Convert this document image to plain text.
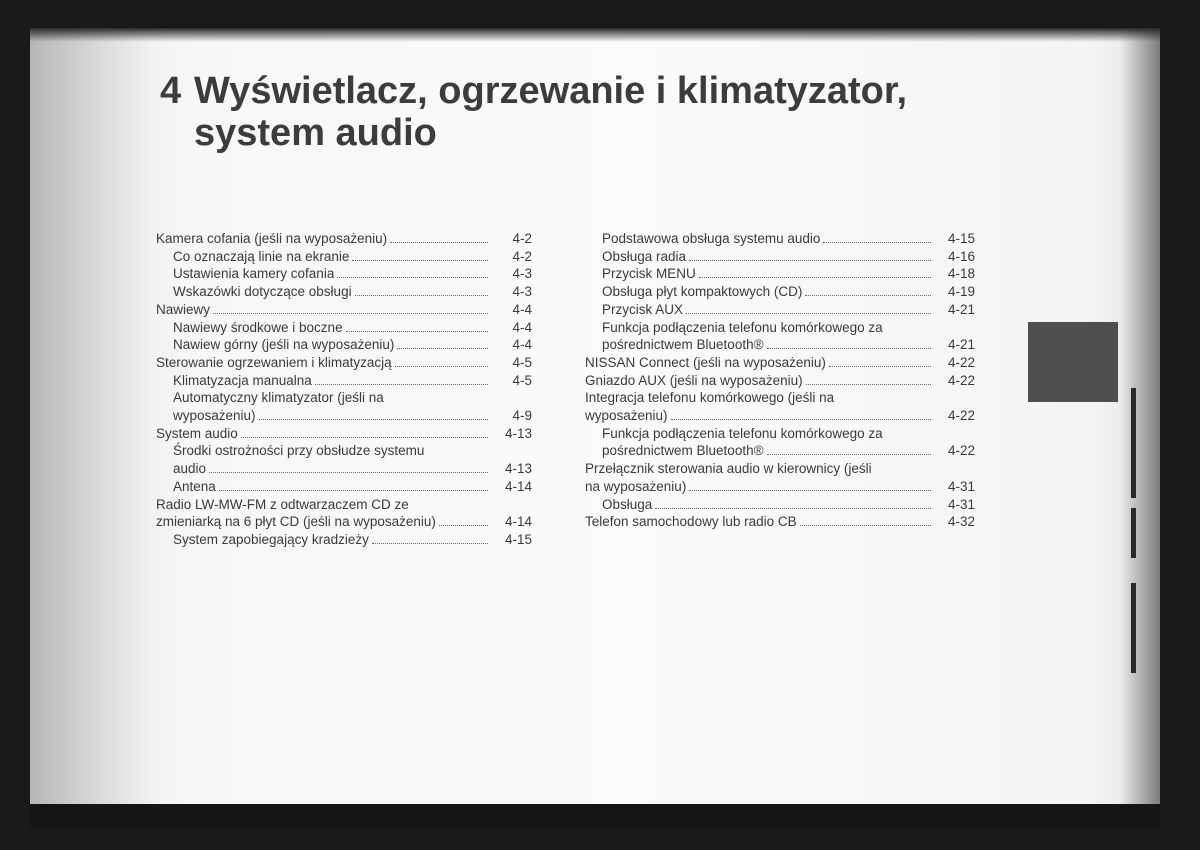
4 Wyświetlacz, ogrzewanie i klimatyzator,
system audio
Kamera cofania (jeśli na wyposażeniu)	4-2
Co oznaczają linie na ekranie	4-2
Ustawienia kamery cofania	4-3
Wskazówki dotyczące obsługi	4-3
Nawiewy	4-4
Nawiewy środkowe i boczne	4-4
Nawiew górny (jeśli na wyposażeniu)	4-4
Sterowanie ogrzewaniem i klimatyzacją	4-5
Klimatyzacja manualna	4-5
Automatyczny klimatyzator (jeśli na
wyposażeniu)	4-9
System audio	4-13
Środki ostrożności przy obsłudze systemu
audio	4-13
Antena	4-14
Radio LW-MW-FM z odtwarzaczem CD ze
zmieniarką na 6 płyt CD (jeśli na wyposażeniu)	4-14
System zapobiegający kradzieży	4-15
Podstawowa obsługa systemu audio	4-15
Obsługa radia	4-16
Przycisk MENU	4-18
Obsługa płyt kompaktowych (CD)	4-19
Przycisk AUX	4-21
Funkcja podłączenia telefonu komórkowego za
pośrednictwem Bluetooth®	4-21
NISSAN Connect (jeśli na wyposażeniu)	4-22
Gniazdo AUX (jeśli na wyposażeniu)	4-22
Integracja telefonu komórkowego (jeśli na
wyposażeniu)	4-22
Funkcja podłączenia telefonu komórkowego za
pośrednictwem Bluetooth®	4-22
Przełącznik sterowania audio w kierownicy (jeśli
na wyposażeniu)	4-31
Obsługa	4-31
Telefon samochodowy lub radio CB	4-32
